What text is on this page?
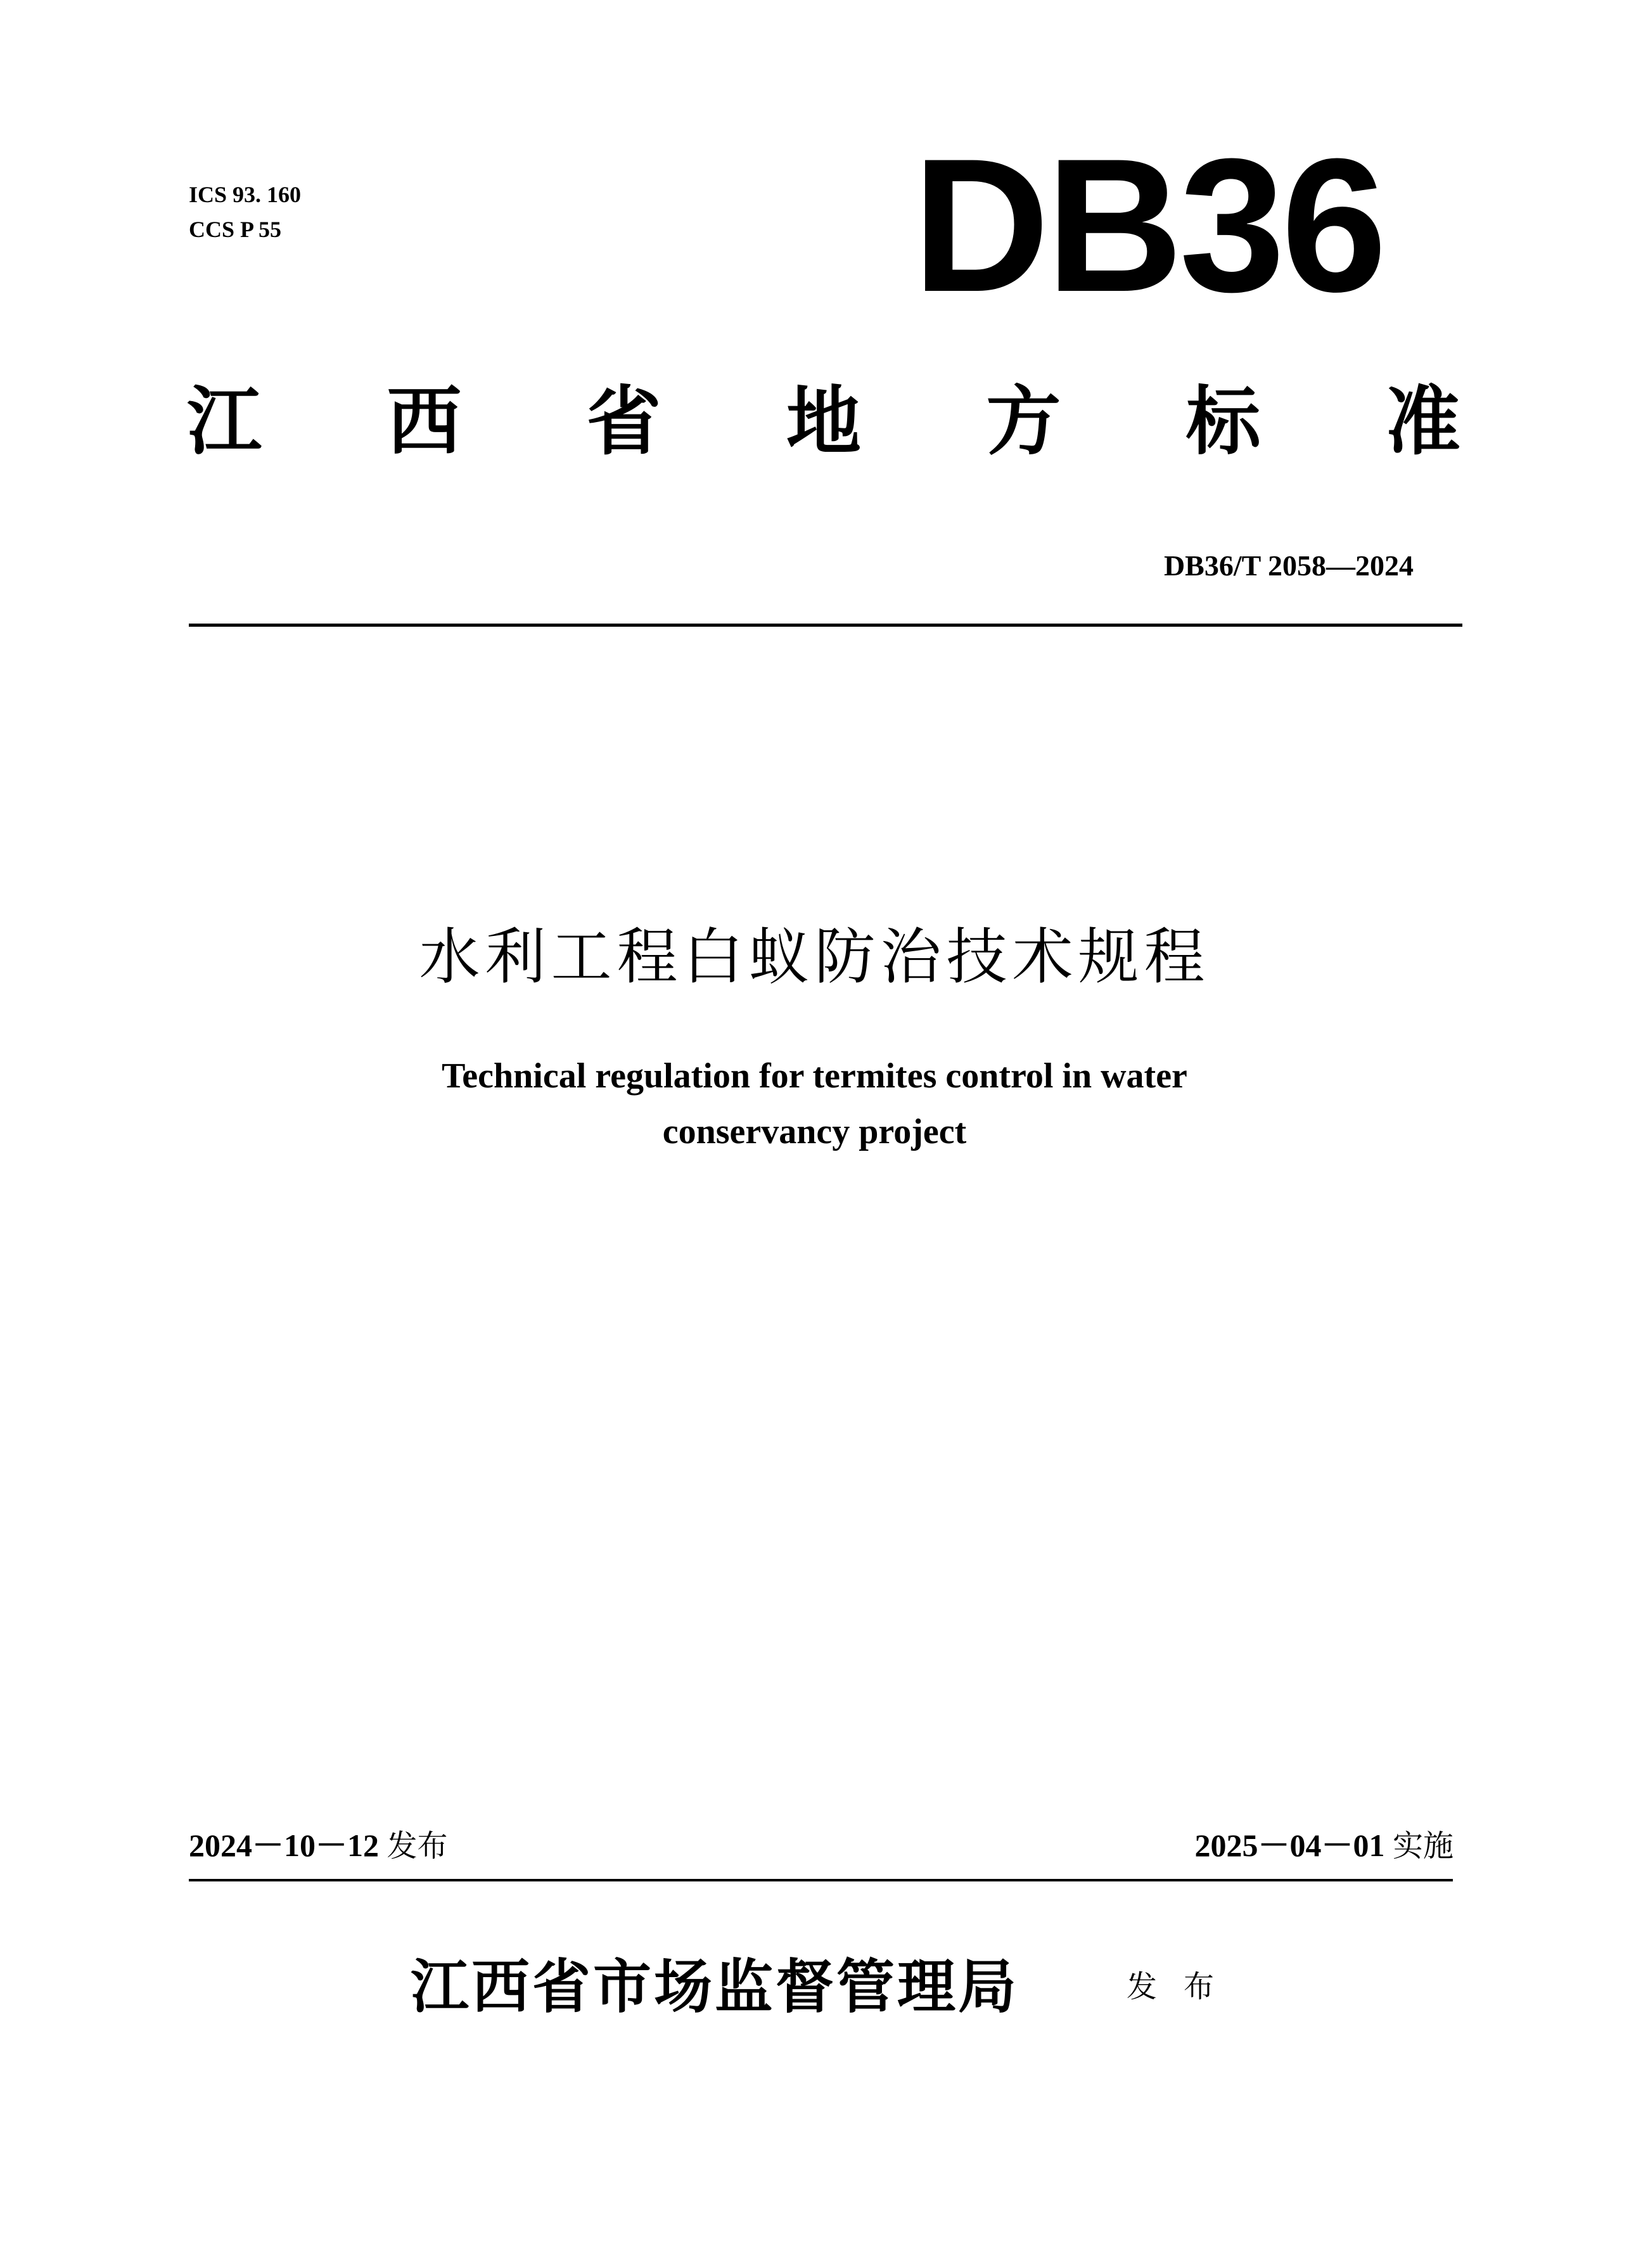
ICS 93. 160
CCS P 55	DB36
江 西 省 地 方 标 准
DB36/T 2058—2024
水利工程白蚁防治技术规程
Technical regulation for termites control in water
conservancy project
2024－10－12 发布	2025－04－01 实施
江西省市场监督管理局	发布
